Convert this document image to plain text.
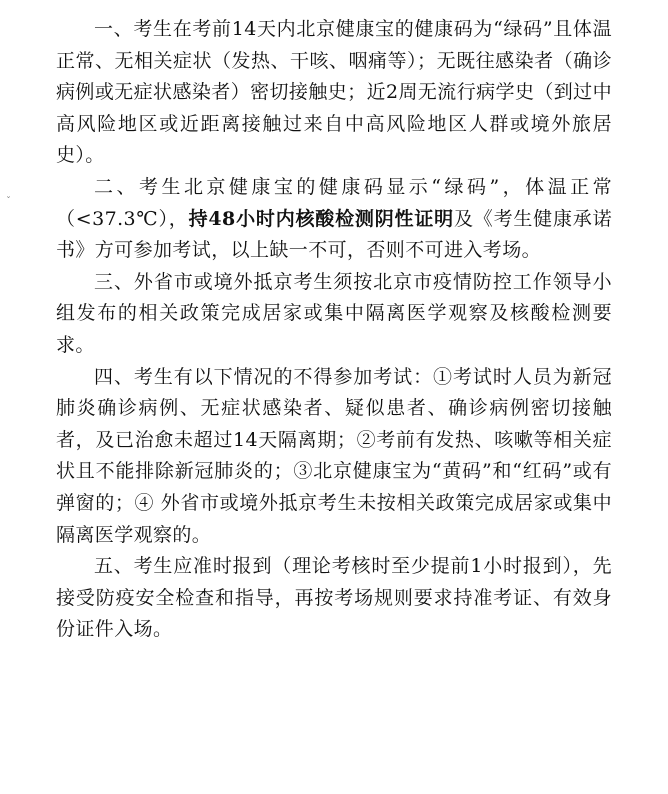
ˇ

一、考生在考前14天内北京健康宝的健康码为“绿码”且体温正常、无相关症状（发热、干咳、咽痛等）；无既往感染者（确诊病例或无症状感染者）密切接触史；近2周无流行病学史（到过中高风险地区或近距离接触过来自中高风险地区人群或境外旅居史）。

二、考生北京健康宝的健康码显示“绿码”，体温正常（<37.3℃），持48小时内核酸检测阴性证明及《考生健康承诺书》方可参加考试，以上缺一不可，否则不可进入考场。

三、外省市或境外抵京考生须按北京市疫情防控工作领导小组发布的相关政策完成居家或集中隔离医学观察及核酸检测要求。

四、考生有以下情况的不得参加考试：①考试时人员为新冠肺炎确诊病例、无症状感染者、疑似患者、确诊病例密切接触者，及已治愈未超过14天隔离期；②考前有发热、咳嗽等相关症状且不能排除新冠肺炎的；③北京健康宝为“黄码”和“红码”或有弹窗的；④ 外省市或境外抵京考生未按相关政策完成居家或集中隔离医学观察的。

五、考生应准时报到（理论考核时至少提前1小时报到），先接受防疫安全检查和指导，再按考场规则要求持准考证、有效身份证件入场。
